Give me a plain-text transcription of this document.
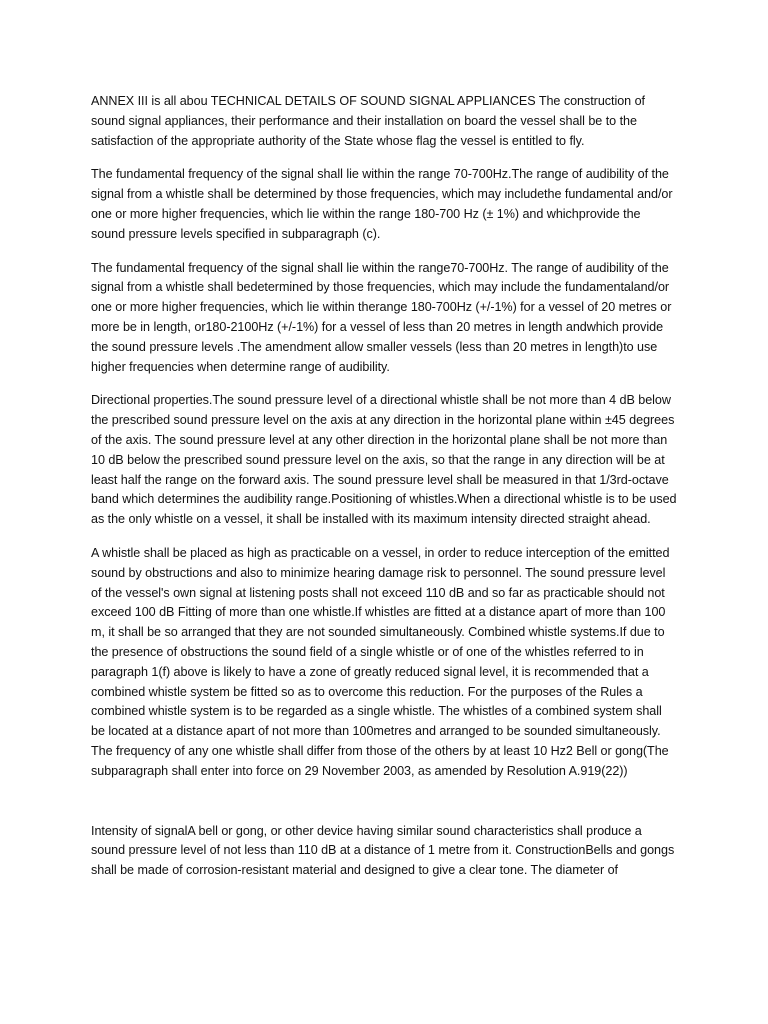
ANNEX III is all abou TECHNICAL DETAILS OF SOUND SIGNAL APPLIANCES The construction of sound signal appliances, their performance and their installation on board the vessel shall be to the satisfaction of the appropriate authority of the State whose flag the vessel is entitled to fly.

The fundamental frequency of the signal shall lie within the range 70-700Hz.The range of audibility of the signal from a whistle shall be determined by those frequencies, which may includethe fundamental and/or one or more higher frequencies, which lie within the range 180-700 Hz (± 1%) and whichprovide the sound pressure levels specified in subparagraph (c).

The fundamental frequency of the signal shall lie within the range70-700Hz. The range of audibility of the signal from a whistle shall bedetermined by those frequencies, which may include the fundamentaland/or one or more higher frequencies, which lie within therange 180-700Hz (+/-1%) for a vessel of 20 metres or more be in length, or180-2100Hz (+/-1%) for a vessel of less than 20 metres in length andwhich provide the sound pressure levels .The amendment allow smaller vessels (less than 20 metres in length)to use higher frequencies when determine range of audibility.

Directional properties.The sound pressure level of a directional whistle shall be not more than 4 dB below the prescribed sound pressure level on the axis at any direction in the horizontal plane within ±45 degrees of the axis. The sound pressure level at any other direction in the horizontal plane shall be not more than 10 dB below the prescribed sound pressure level on the axis, so that the range in any direction will be at least half the range on the forward axis. The sound pressure level shall be measured in that 1/3rd-octave band which determines the audibility range.Positioning of whistles.When a directional whistle is to be used as the only whistle on a vessel, it shall be installed with its maximum intensity directed straight ahead.

A whistle shall be placed as high as practicable on a vessel, in order to reduce interception of the emitted sound by obstructions and also to minimize hearing damage risk to personnel. The sound pressure level of the vessel's own signal at listening posts shall not exceed 110 dB and so far as practicable should not exceed 100 dB Fitting of more than one whistle.If whistles are fitted at a distance apart of more than 100 m, it shall be so arranged that they are not sounded simultaneously. Combined whistle systems.If due to the presence of obstructions the sound field of a single whistle or of one of the whistles referred to in paragraph 1(f) above is likely to have a zone of greatly reduced signal level, it is recommended that a combined whistle system be fitted so as to overcome this reduction. For the purposes of the Rules a combined whistle system is to be regarded as a single whistle. The whistles of a combined system shall be located at a distance apart of not more than 100metres and arranged to be sounded simultaneously. The frequency of any one whistle shall differ from those of the others by at least 10 Hz2 Bell or gong(The subparagraph shall enter into force on 29 November 2003, as amended by Resolution A.919(22))

Intensity of signalA bell or gong, or other device having similar sound characteristics shall produce a sound pressure level of not less than 110 dB at a distance of 1 metre from it. ConstructionBells and gongs shall be made of corrosion-resistant material and designed to give a clear tone. The diameter of
